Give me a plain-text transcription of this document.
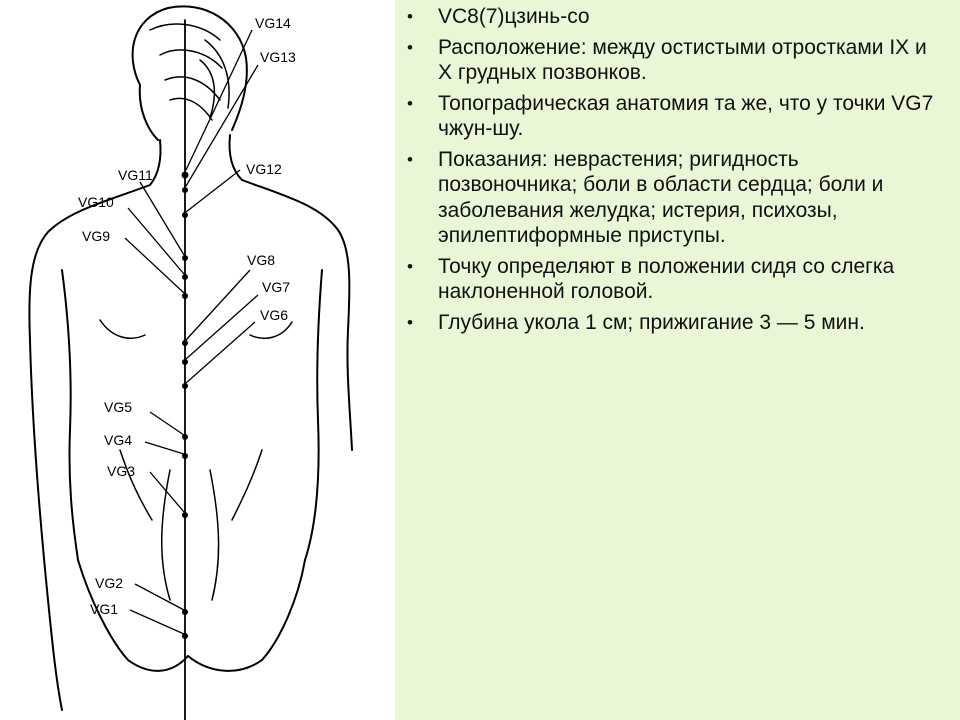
VG14
VG13
VG12
VG11
VG10
VG9
VG8
VG7
VG6
VG5
VG4
VG3
VG2
VG1
• VC8(7)цзинь-со
• Расположение: между остистыми отростками IX и X грудных позвонков.
• Топографическая анатомия та же, что у точки VG7 чжун-шу.
• Показания: неврастения; ригидность позвоночника; боли в области сердца; боли и заболевания желудка; истерия, психозы, эпилептиформные приступы.
• Точку определяют в положении сидя со слегка наклоненной головой.
• Глубина укола 1 см; прижигание 3 — 5 мин.
